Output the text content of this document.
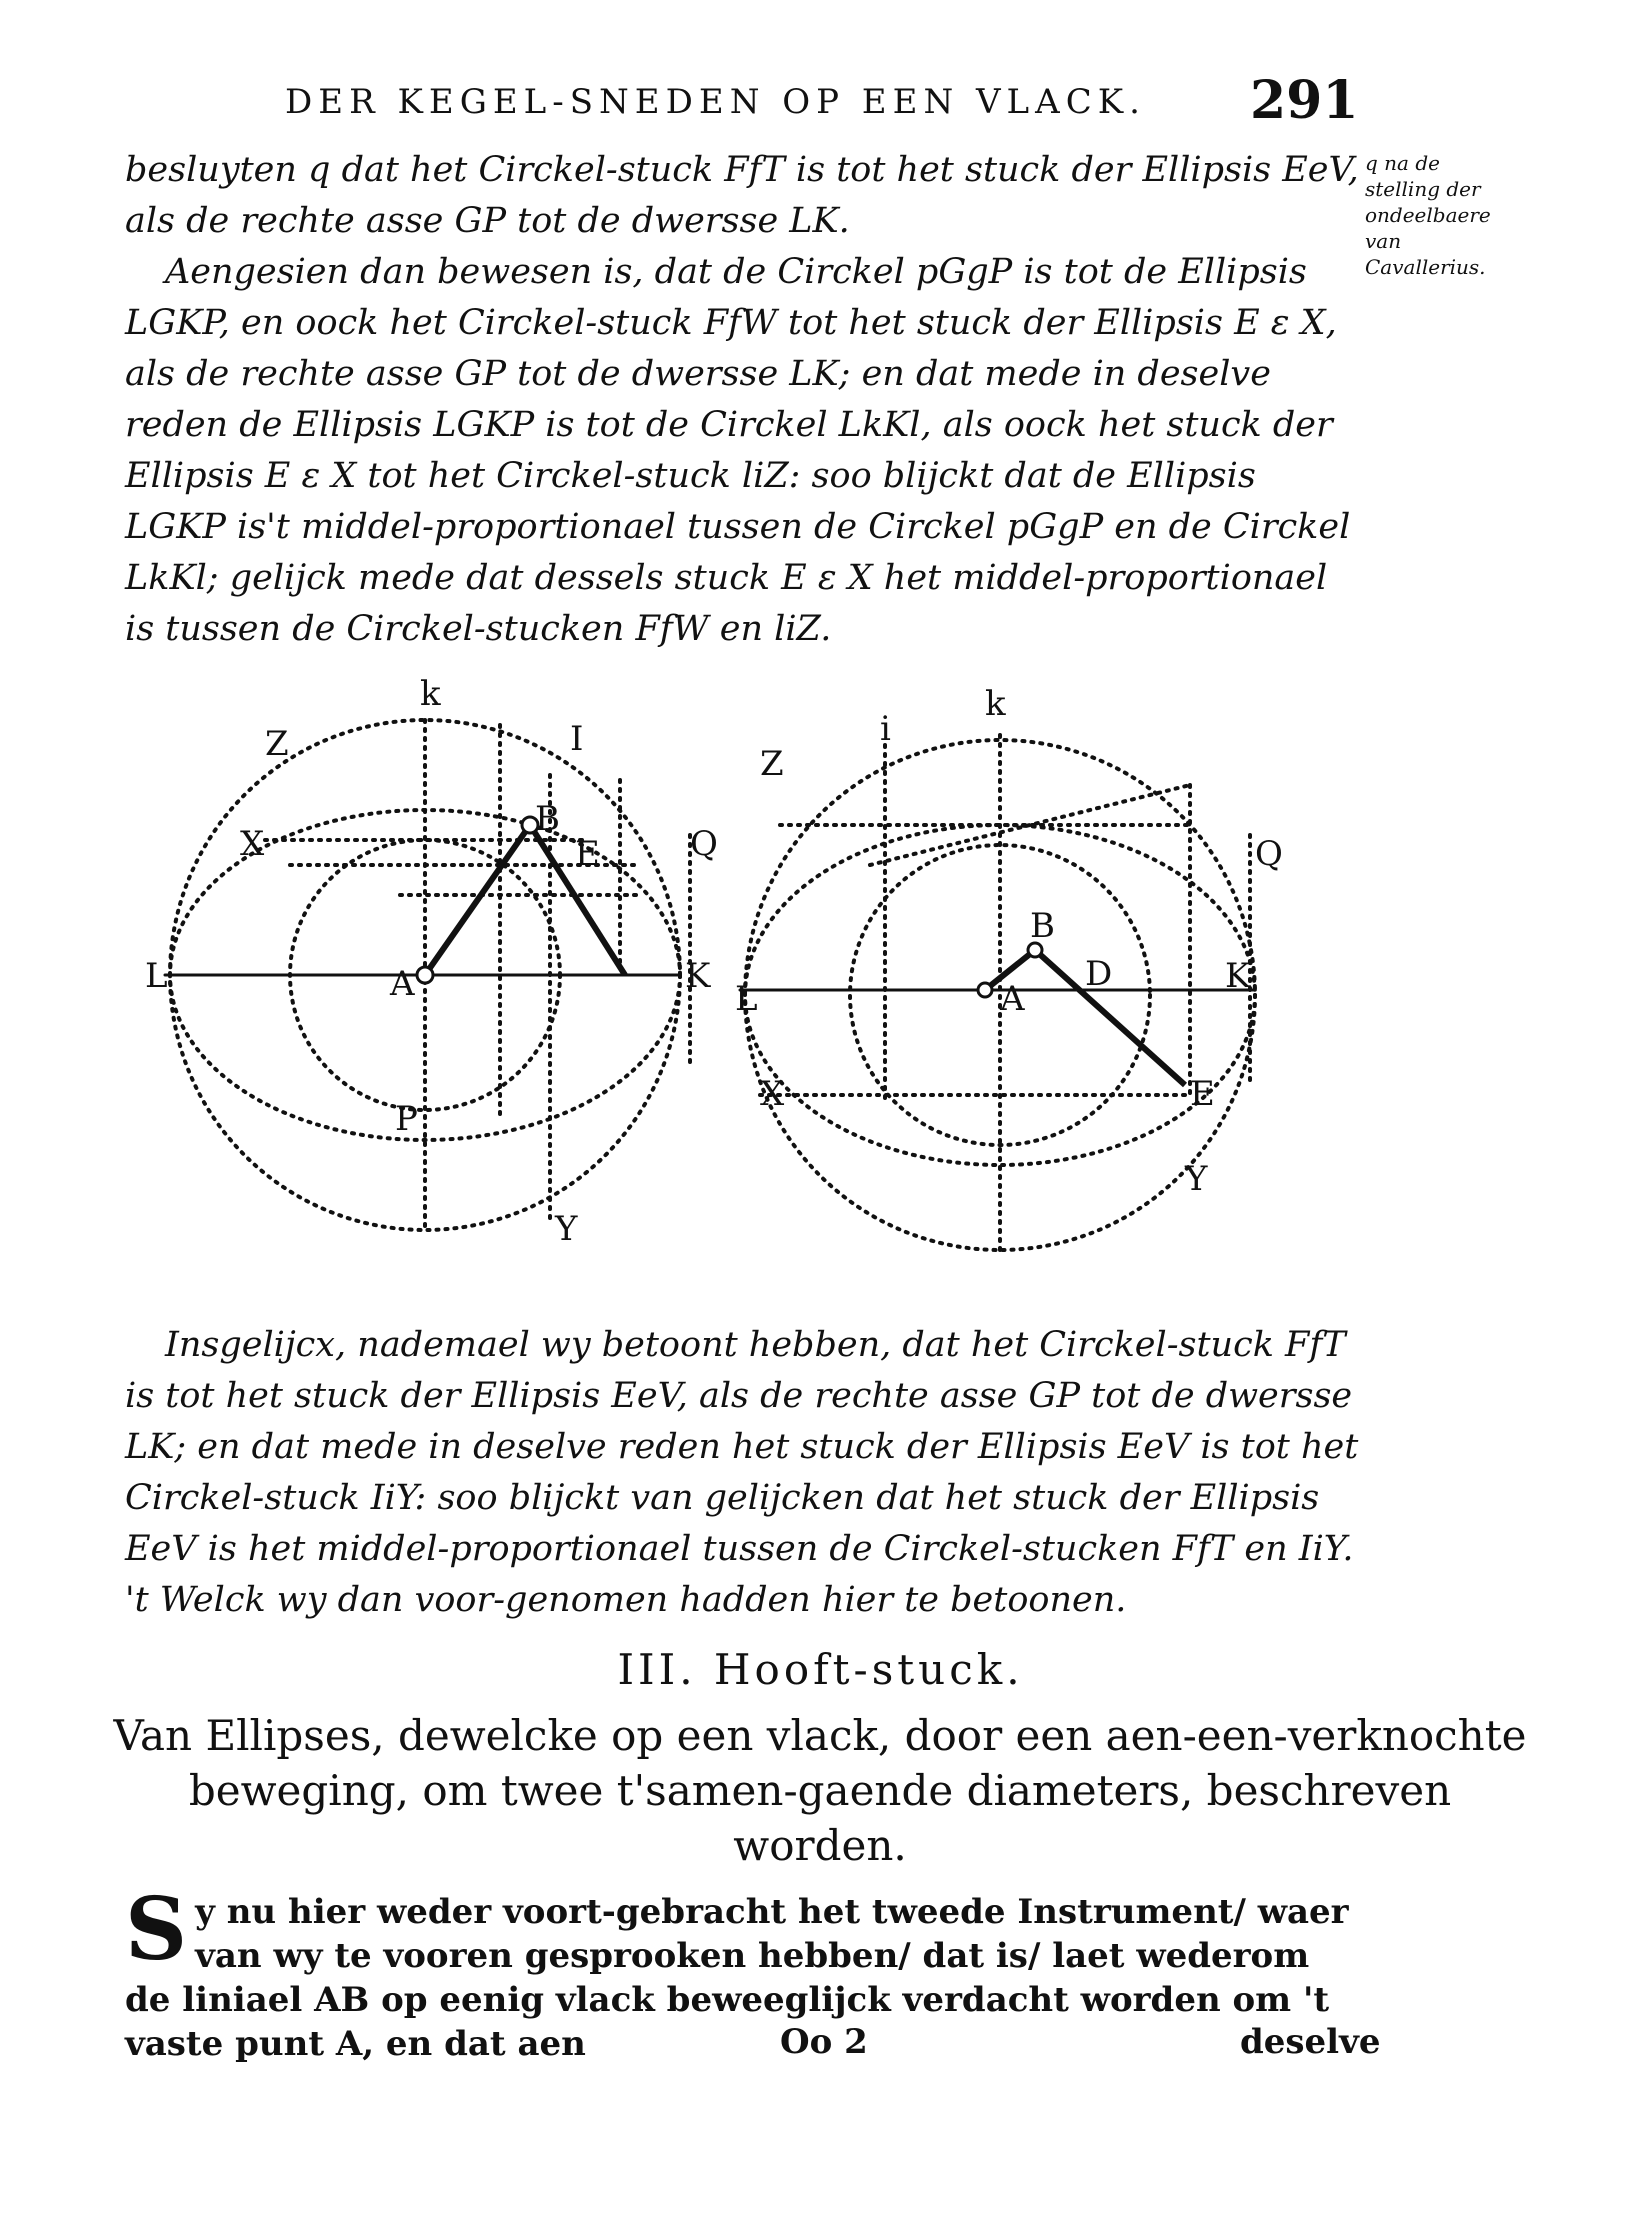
DER KEGEL-SNEDEN OP EEN VLACK. 291

besluyten q dat het Circkel-stuck FfT is tot het stuck der Ellipsis EeV, als de rechte asse GP tot de dwersse LK.

Aengesien dan bewesen is, dat de Circkel pGgP is tot de Ellipsis LGKP, en oock het Circkel-stuck FfW tot het stuck der Ellipsis E ε X, als de rechte asse GP tot de dwersse LK; en dat mede in deselve reden de Ellipsis LGKP is tot de Circkel LkKl, als oock het stuck der Ellipsis E ε X tot het Circkel-stuck liZ: soo blijckt dat de Ellipsis LGKP is't middel-proportionael tussen de Circkel pGgP en de Circkel LkKl; gelijck mede dat dessels stuck E ε X het middel-proportionael is tussen de Circkel-stucken FfW en liZ.

q na de stelling der ondeelbaere van Cavallerius.
L	K
Z	I
X
A
B
E	Q
P
Y
k
Z
K
L
Q
A
B
D
X	E
Y
k
i

Insgelijcx, nademael wy betoont hebben, dat het Circkel-stuck FfT is tot het stuck der Ellipsis EeV, als de rechte asse GP tot de dwersse LK; en dat mede in deselve reden het stuck der Ellipsis EeV is tot het Circkel-stuck IiY: soo blijckt van gelijcken dat het stuck der Ellipsis EeV is het middel-proportionael tussen de Circkel-stucken FfT en IiY. 't Welck wy dan voor-genomen hadden hier te betoonen.

III. Hooft-stuck.
Van Ellipses, dewelcke op een vlack, door een aen-een-verknochte beweging, om twee t'samen-gaende diameters, beschreven worden.
S y nu hier weder voort-gebracht het tweede Instrument/ waer van wy te vooren gesprooken hebben/ dat is/ laet wederom de liniael AB op eenig vlack beweeglijck verdacht worden om 't vaste punt A, en dat aen	Oo 2	deselve
